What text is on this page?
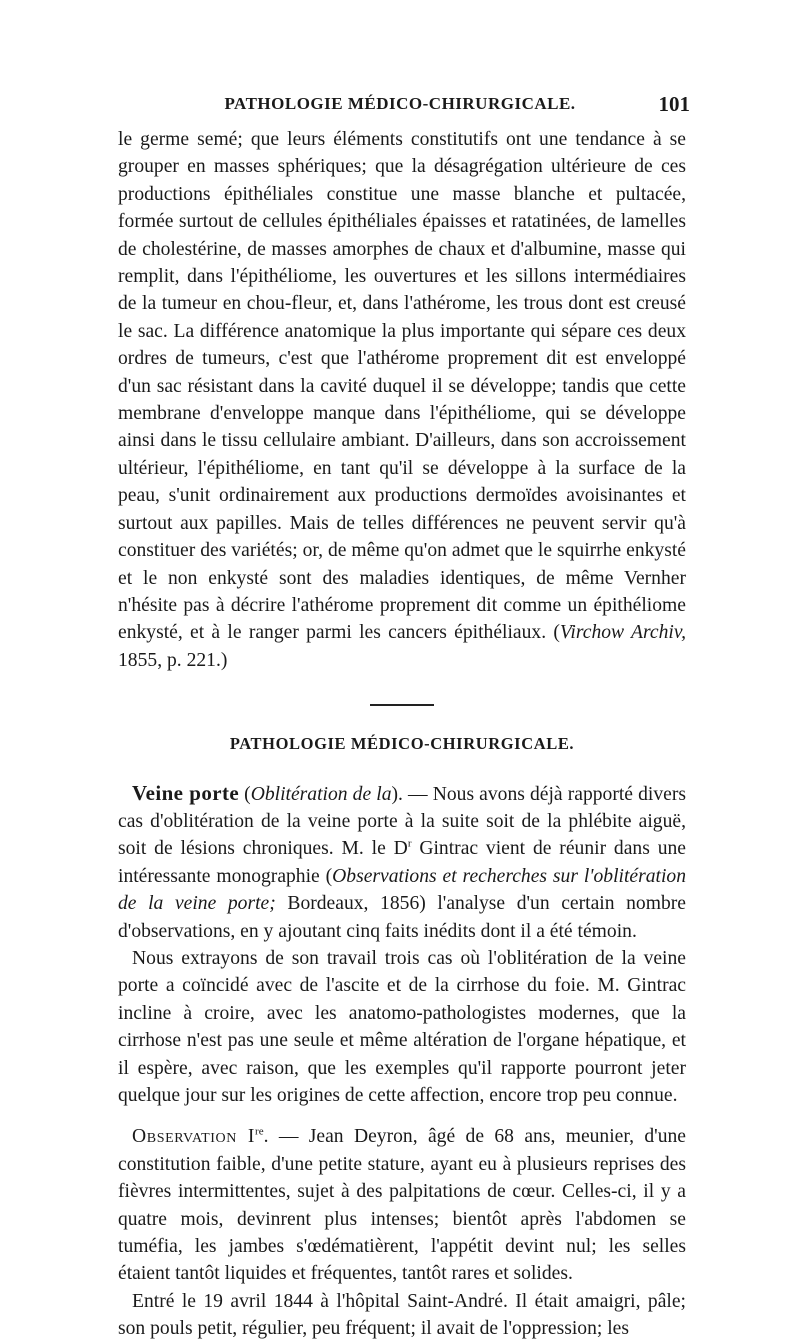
PATHOLOGIE MÉDICO-CHIRURGICALE.	101

le germe semé; que leurs éléments constitutifs ont une tendance à se grouper en masses sphériques; que la désagrégation ultérieure de ces productions épithéliales constitue une masse blanche et pultacée, formée surtout de cellules épithéliales épaisses et ratatinées, de lamelles de cholestérine, de masses amorphes de chaux et d'albumine, masse qui remplit, dans l'épithéliome, les ouvertures et les sillons intermédiaires de la tumeur en chou-fleur, et, dans l'athérome, les trous dont est creusé le sac. La différence anatomique la plus importante qui sépare ces deux ordres de tumeurs, c'est que l'athérome proprement dit est enveloppé d'un sac résistant dans la cavité duquel il se développe; tandis que cette membrane d'enveloppe manque dans l'épithéliome, qui se développe ainsi dans le tissu cellulaire ambiant. D'ailleurs, dans son accroissement ultérieur, l'épithéliome, en tant qu'il se développe à la surface de la peau, s'unit ordinairement aux productions dermoïdes avoisinantes et surtout aux papilles. Mais de telles différences ne peuvent servir qu'à constituer des variétés; or, de même qu'on admet que le squirrhe enkysté et le non enkysté sont des maladies identiques, de même Vernher n'hésite pas à décrire l'athérome proprement dit comme un épithéliome enkysté, et à le ranger parmi les cancers épithéliaux. (Virchow Archiv, 1855, p. 221.)

PATHOLOGIE MÉDICO-CHIRURGICALE.

Veine porte (Oblitération de la). — Nous avons déjà rapporté divers cas d'oblitération de la veine porte à la suite soit de la phlébite aiguë, soit de lésions chroniques. M. le $D^r$ Gintrac vient de réunir dans une intéressante monographie (Observations et recherches sur l'oblitération de la veine porte; Bordeaux, 1856) l'analyse d'un certain nombre d'observations, en y ajoutant cinq faits inédits dont il a été témoin.

Nous extrayons de son travail trois cas où l'oblitération de la veine porte a coïncidé avec de l'ascite et de la cirrhose du foie. M. Gintrac incline à croire, avec les anatomo-pathologistes modernes, que la cirrhose n'est pas une seule et même altération de l'organe hépatique, et il espère, avec raison, que les exemples qu'il rapporte pourront jeter quelque jour sur les origines de cette affection, encore trop peu connue.

Observation Ire. — Jean Deyron, âgé de 68 ans, meunier, d'une constitution faible, d'une petite stature, ayant eu à plusieurs reprises des fièvres intermittentes, sujet à des palpitations de cœur. Celles-ci, il y a quatre mois, devinrent plus intenses; bientôt après l'abdomen se tuméfia, les jambes s'œdématièrent, l'appétit devint nul; les selles étaient tantôt liquides et fréquentes, tantôt rares et solides.

Entré le 19 avril 1844 à l'hôpital Saint-André. Il était amaigri, pâle; son pouls petit, régulier, peu fréquent; il avait de l'oppression; les
